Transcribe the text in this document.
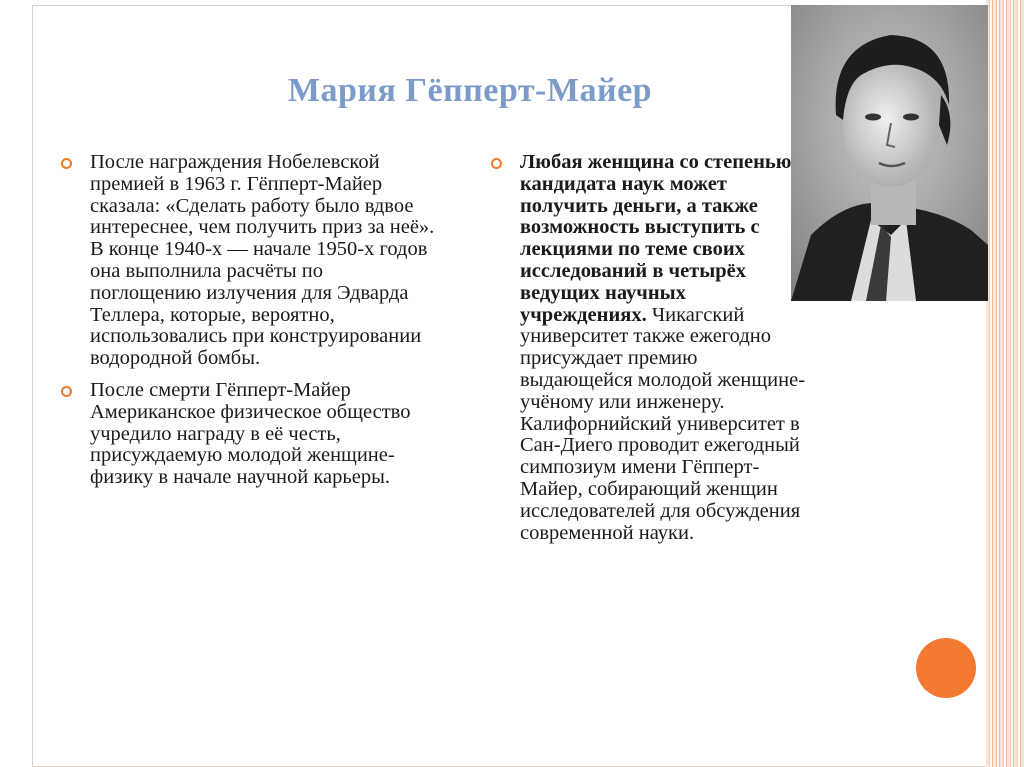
Мария Гёпперт-Майер
После награждения Нобелевской премией в 1963 г. Гёпперт-Майер сказала: «Сделать работу было вдвое интереснее, чем получить приз за неё». В конце 1940-х — начале 1950-х годов она выполнила расчёты по поглощению излучения для Эдварда Теллера, которые, вероятно, использовались при конструировании водородной бомбы.
После смерти Гёпперт-Майер Американское физическое общество учредило награду в её честь, присуждаемую молодой женщине-физику в начале научной карьеры.
Любая женщина со степенью кандидата наук может получить деньги, а также возможность выступить с лекциями по теме своих исследований в четырёх ведущих научных учреждениях. Чикагский университет также ежегодно присуждает премию выдающейся молодой женщине-учёному или инженеру. Калифорнийский университет в Сан-Диего проводит ежегодный симпозиум имени Гёпперт-Майер, собирающий женщин исследователей для обсуждения современной науки.
